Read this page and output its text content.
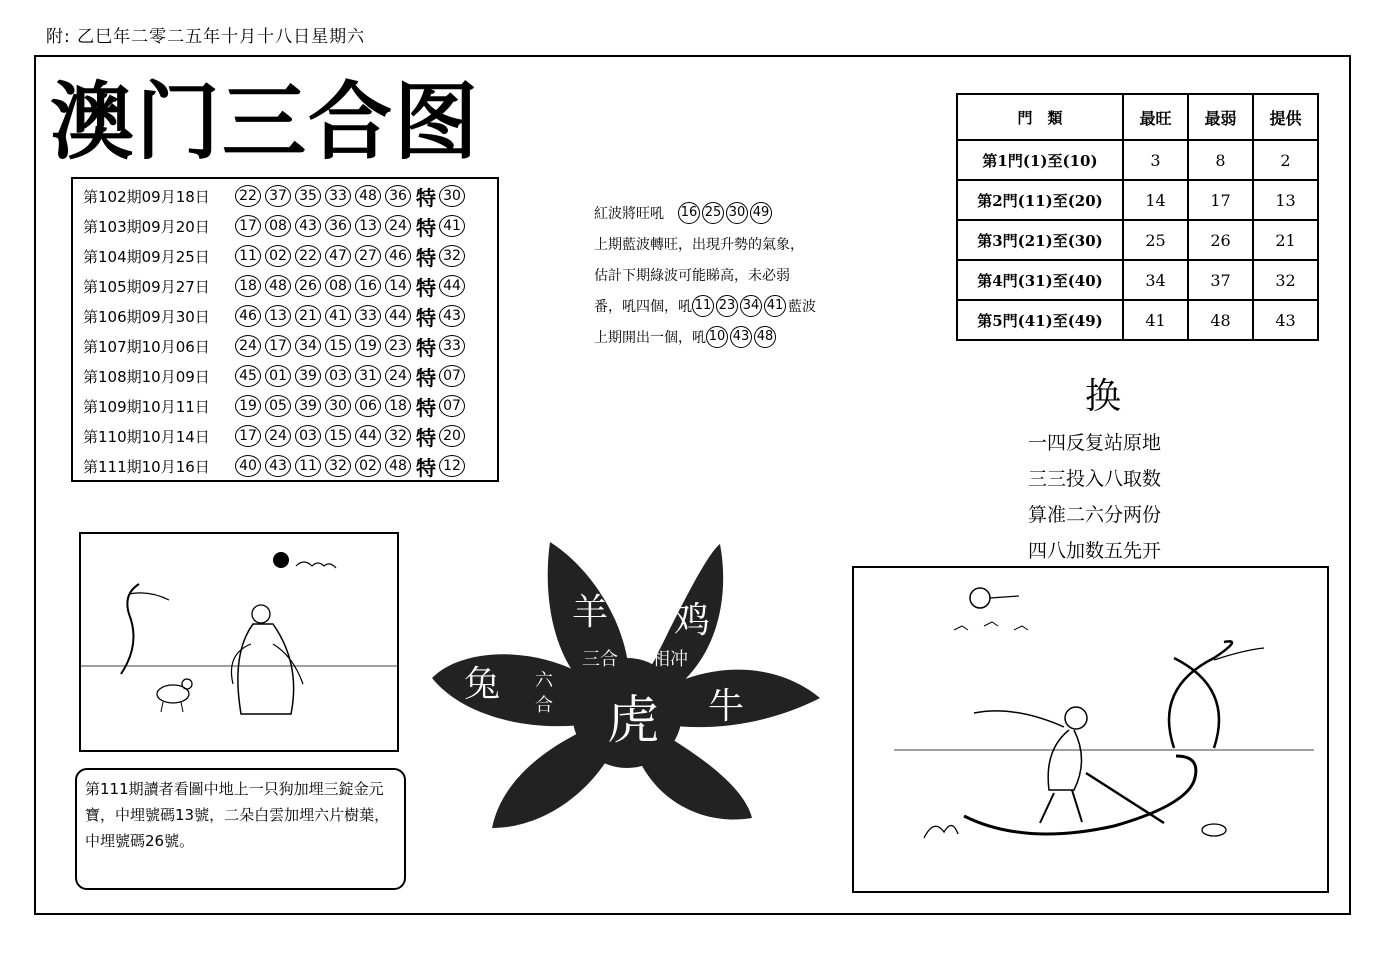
附: 乙巳年二零二五年十月十八日星期六
澳门三合图
第102期09月18日	22 37 35 33 48 36 特 30
第103期09月20日	17 08 43 36 13 24 特 41
第104期09月25日	11 02 22 47 27 46 特 32
第105期09月27日	18 48 26 08 16 14 特 44
第106期09月30日	46 13 21 41 33 44 特 43
第107期10月06日	24 17 34 15 19 23 特 33
第108期10月09日	45 01 39 03 31 24 特 07
第109期10月11日	19 05 39 30 06 18 特 07
第110期10月14日	17 24 03 15 44 32 特 20
第111期10月16日	40 43 11 32 02 48 特 12
紅波將旺吼 16 25 30 49
上期藍波轉旺，出現升勢的氣象，
估計下期綠波可能睇高，未必弱
番，吼四個，吼 11 23 34 41 藍波
上期開出一個，吼 10 43 48
門　類	最旺	最弱	提供
第1門(1)至(10)	3	8	2
第2門(11)至(20)	14	17	13
第3門(21)至(30)	25	26	21
第4門(31)至(40)	34	37	32
第5門(41)至(49)	41	48	43
换
一四反复站原地
三三投入八取数
算准二六分两份
四八加数五先开
第111期讀者看圖中地上一只狗加埋三錠金元寶，中埋號碼13號，二朵白雲加埋六片樹葉，中埋號碼26號。
羊 鸡
兔
牛
虎
三合 相冲
六
合
